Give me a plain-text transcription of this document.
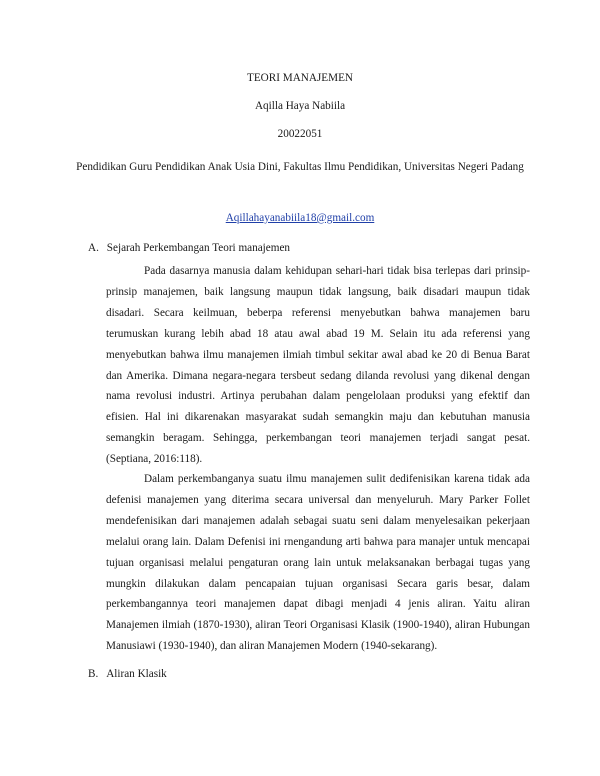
TEORI MANAJEMEN
Aqilla Haya Nabiila
20022051
Pendidikan Guru Pendidikan Anak Usia Dini, Fakultas Ilmu Pendidikan, Universitas Negeri Padang
Aqillahayanabiila18@gmail.com
A. Sejarah Perkembangan Teori manajemen

Pada dasarnya manusia dalam kehidupan sehari-hari tidak bisa terlepas dari prinsip-prinsip manajemen, baik langsung maupun tidak langsung, baik disadari maupun tidak disadari. Secara keilmuan, beberpa referensi menyebutkan bahwa manajemen baru terumuskan kurang lebih abad 18 atau awal abad 19 M. Selain itu ada referensi yang menyebutkan bahwa ilmu manajemen ilmiah timbul sekitar awal abad ke 20 di Benua Barat dan Amerika. Dimana negara-negara tersbeut sedang dilanda revolusi yang dikenal dengan nama revolusi industri. Artinya perubahan dalam pengelolaan produksi yang efektif dan efisien. Hal ini dikarenakan masyarakat sudah semangkin maju dan kebutuhan manusia semangkin beragam. Sehingga, perkembangan teori manajemen terjadi sangat pesat. (Septiana, 2016:118).

Dalam perkembanganya suatu ilmu manajemen sulit dedifenisikan karena tidak ada defenisi manajemen yang diterima secara universal dan menyeluruh. Mary Parker Follet mendefenisikan dari manajemen adalah sebagai suatu seni dalam menyelesaikan pekerjaan melalui orang lain. Dalam Defenisi ini rnengandung arti bahwa para manajer untuk mencapai tujuan organisasi melalui pengaturan orang lain untuk melaksanakan berbagai tugas yang mungkin dilakukan dalam pencapaian tujuan organisasi Secara garis besar, dalam perkembangannya teori manajemen dapat dibagi menjadi 4 jenis aliran. Yaitu aliran Manajemen ilmiah (1870-1930), aliran Teori Organisasi Klasik (1900-1940), aliran Hubungan Manusiawi (1930-1940), dan aliran Manajemen Modern (1940-sekarang).

B. Aliran Klasik
